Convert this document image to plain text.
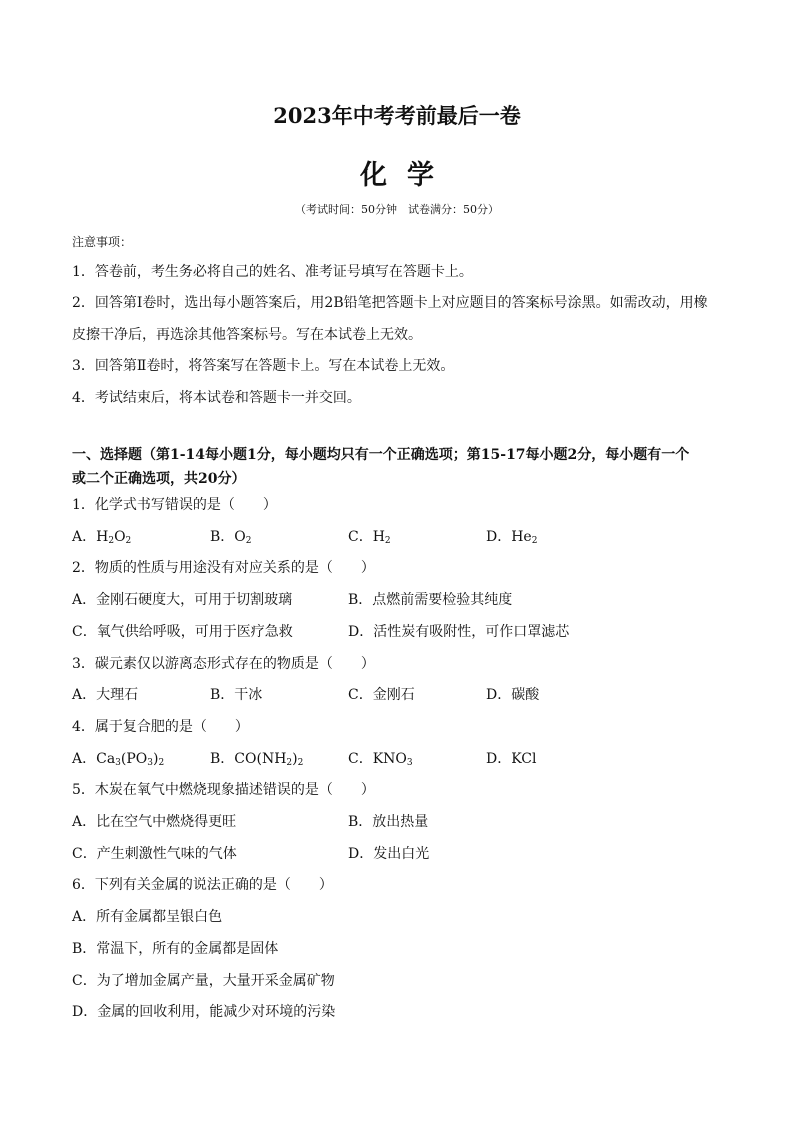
2023年中考考前最后一卷
化学
（考试时间：50分钟　试卷满分：50分）
注意事项：
1．答卷前，考生务必将自己的姓名、准考证号填写在答题卡上。
2．回答第Ⅰ卷时，选出每小题答案后，用2B铅笔把答题卡上对应题目的答案标号涂黑。如需改动，用橡
皮擦干净后，再选涂其他答案标号。写在本试卷上无效。
3．回答第Ⅱ卷时，将答案写在答题卡上。写在本试卷上无效。
4．考试结束后，将本试卷和答题卡一并交回。
一、选择题（第1-14每小题1分，每小题均只有一个正确选项；第15-17每小题2分，每小题有一个
或二个正确选项，共20分）
1．化学式书写错误的是（　　）
A．$H_2O_2$	B．$O_2$	C．$H_2$	D．$He_2$
2．物质的性质与用途没有对应关系的是（　　）
A．金刚石硬度大，可用于切割玻璃	B．点燃前需要检验其纯度
C．氧气供给呼吸，可用于医疗急救	D．活性炭有吸附性，可作口罩滤芯
3．碳元素仅以游离态形式存在的物质是（　　）
A．大理石	B．干冰	C．金刚石	D．碳酸
4．属于复合肥的是（　　）
A．$Ca_3(PO_3)_2$	B．$CO(NH_2)_2$	C．$KNO_3$	D．KCl
5．木炭在氧气中燃烧现象描述错误的是（　　）
A．比在空气中燃烧得更旺	B．放出热量
C．产生刺激性气味的气体	D．发出白光
6．下列有关金属的说法正确的是（　　）
A．所有金属都呈银白色
B．常温下，所有的金属都是固体
C．为了增加金属产量，大量开采金属矿物
D．金属的回收利用，能减少对环境的污染
